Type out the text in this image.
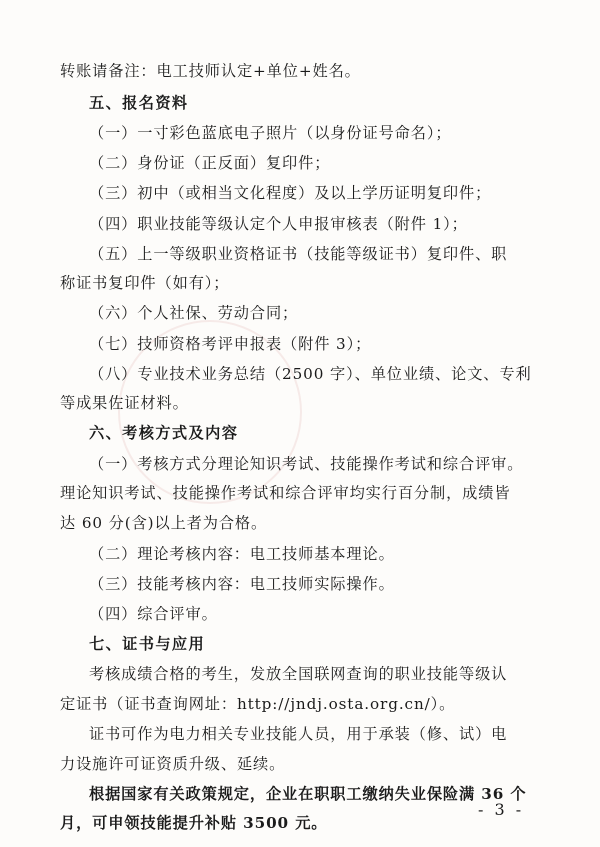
转账请备注：电工技师认定+单位+姓名。
五、报名资料
（一）一寸彩色蓝底电子照片（以身份证号命名）；
（二）身份证（正反面）复印件；
（三）初中（或相当文化程度）及以上学历证明复印件；
（四）职业技能等级认定个人申报审核表（附件 1）；
（五）上一等级职业资格证书（技能等级证书）复印件、职
称证书复印件（如有）；
（六）个人社保、劳动合同；
（七）技师资格考评申报表（附件 3）；
（八）专业技术业务总结（2500 字）、单位业绩、论文、专利
等成果佐证材料。
六、考核方式及内容
（一）考核方式分理论知识考试、技能操作考试和综合评审。
理论知识考试、技能操作考试和综合评审均实行百分制，成绩皆
达 60 分(含)以上者为合格。
（二）理论考核内容：电工技师基本理论。
（三）技能考核内容：电工技师实际操作。
（四）综合评审。
七、证书与应用
考核成绩合格的考生，发放全国联网查询的职业技能等级认
定证书（证书查询网址：http://jndj.osta.org.cn/）。
证书可作为电力相关专业技能人员，用于承装（修、试）电
力设施许可证资质升级、延续。
根据国家有关政策规定，企业在职职工缴纳失业保险满 36 个
月，可申领技能提升补贴 3500 元。
- 3 -
